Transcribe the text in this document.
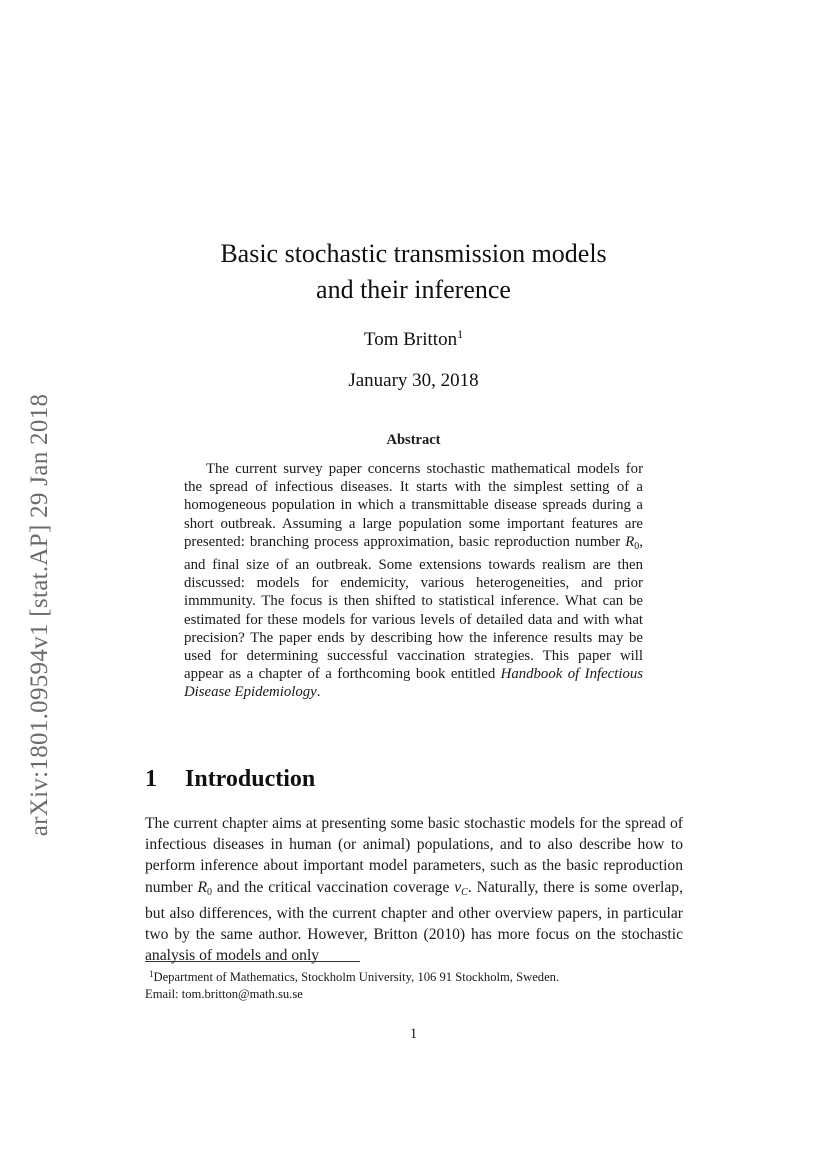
arXiv:1801.09594v1 [stat.AP] 29 Jan 2018
Basic stochastic transmission models
and their inference
Tom Britton$^1$
January 30, 2018
Abstract
The current survey paper concerns stochastic mathematical models for the spread of infectious diseases. It starts with the simplest setting of a homogeneous population in which a transmittable disease spreads during a short outbreak. Assuming a large population some important features are presented: branching process approximation, basic reproduction number $R_0$, and final size of an outbreak. Some extensions towards realism are then discussed: models for endemicity, various heterogeneities, and prior immmunity. The focus is then shifted to statistical inference. What can be estimated for these models for various levels of detailed data and with what precision? The paper ends by describing how the inference results may be used for determining successful vaccination strategies. This paper will appear as a chapter of a forthcoming book entitled Handbook of Infectious Disease Epidemiology.
1 Introduction
The current chapter aims at presenting some basic stochastic models for the spread of infectious diseases in human (or animal) populations, and to also describe how to perform inference about important model parameters, such as the basic reproduction number $R_0$ and the critical vaccination coverage $v_C$. Naturally, there is some overlap, but also differences, with the current chapter and other overview papers, in particular two by the same author. However, Britton (2010) has more focus on the stochastic analysis of models and only
$^1$Department of Mathematics, Stockholm University, 106 91 Stockholm, Sweden.
Email: tom.britton@math.su.se
1
